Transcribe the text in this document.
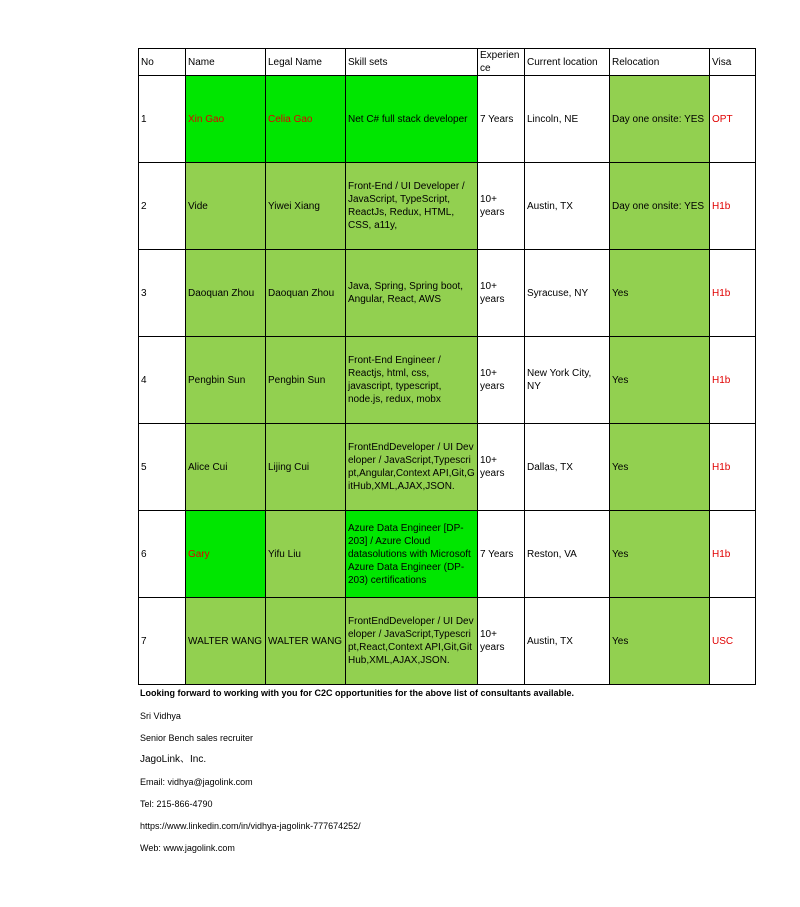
No	Name	Legal Name	Skill sets	Experience	Current location	Relocation	Visa
1	Xin Gao	Celia Gao	Net C# full stack developer	7 Years	Lincoln, NE	Day one onsite: YES	OPT
2	Vide	Yiwei Xiang	Front-End / UI Developer / JavaScript, TypeScript, ReactJs, Redux, HTML, CSS, a11y,	10+ years	Austin, TX	Day one onsite: YES	H1b
3	Daoquan Zhou	Daoquan Zhou	Java, Spring, Spring boot, Angular, React, AWS	10+ years	Syracuse, NY	Yes	H1b
4	Pengbin Sun	Pengbin Sun	Front-End Engineer / Reactjs, html, css, javascript, typescript, node.js, redux, mobx	10+ years	New York City, NY	Yes	H1b
5	Alice Cui	Lijing Cui	FrontEndDeveloper / UI Developer / JavaScript,Typescript,Angular,Context API,Git,GitHub,XML,AJAX,JSON.	10+ years	Dallas, TX	Yes	H1b
6	Gary	Yifu Liu	Azure Data Engineer [DP-203] / Azure Cloud datasolutions with Microsoft Azure Data Engineer (DP-203) certifications	7 Years	Reston, VA	Yes	H1b
7	WALTER WANG	WALTER WANG	FrontEndDeveloper / UI Developer / JavaScript,Typescript,React,Context API,Git,GitHub,XML,AJAX,JSON.	10+ years	Austin, TX	Yes	USC

Looking forward to working with you for C2C opportunities for the above list of consultants available.

Sri Vidhya

Senior Bench sales recruiter

JagoLink、Inc.

Email: vidhya@jagolink.com

Tel: 215-866-4790

https://www.linkedin.com/in/vidhya-jagolink-777674252/

Web: www.jagolink.com
